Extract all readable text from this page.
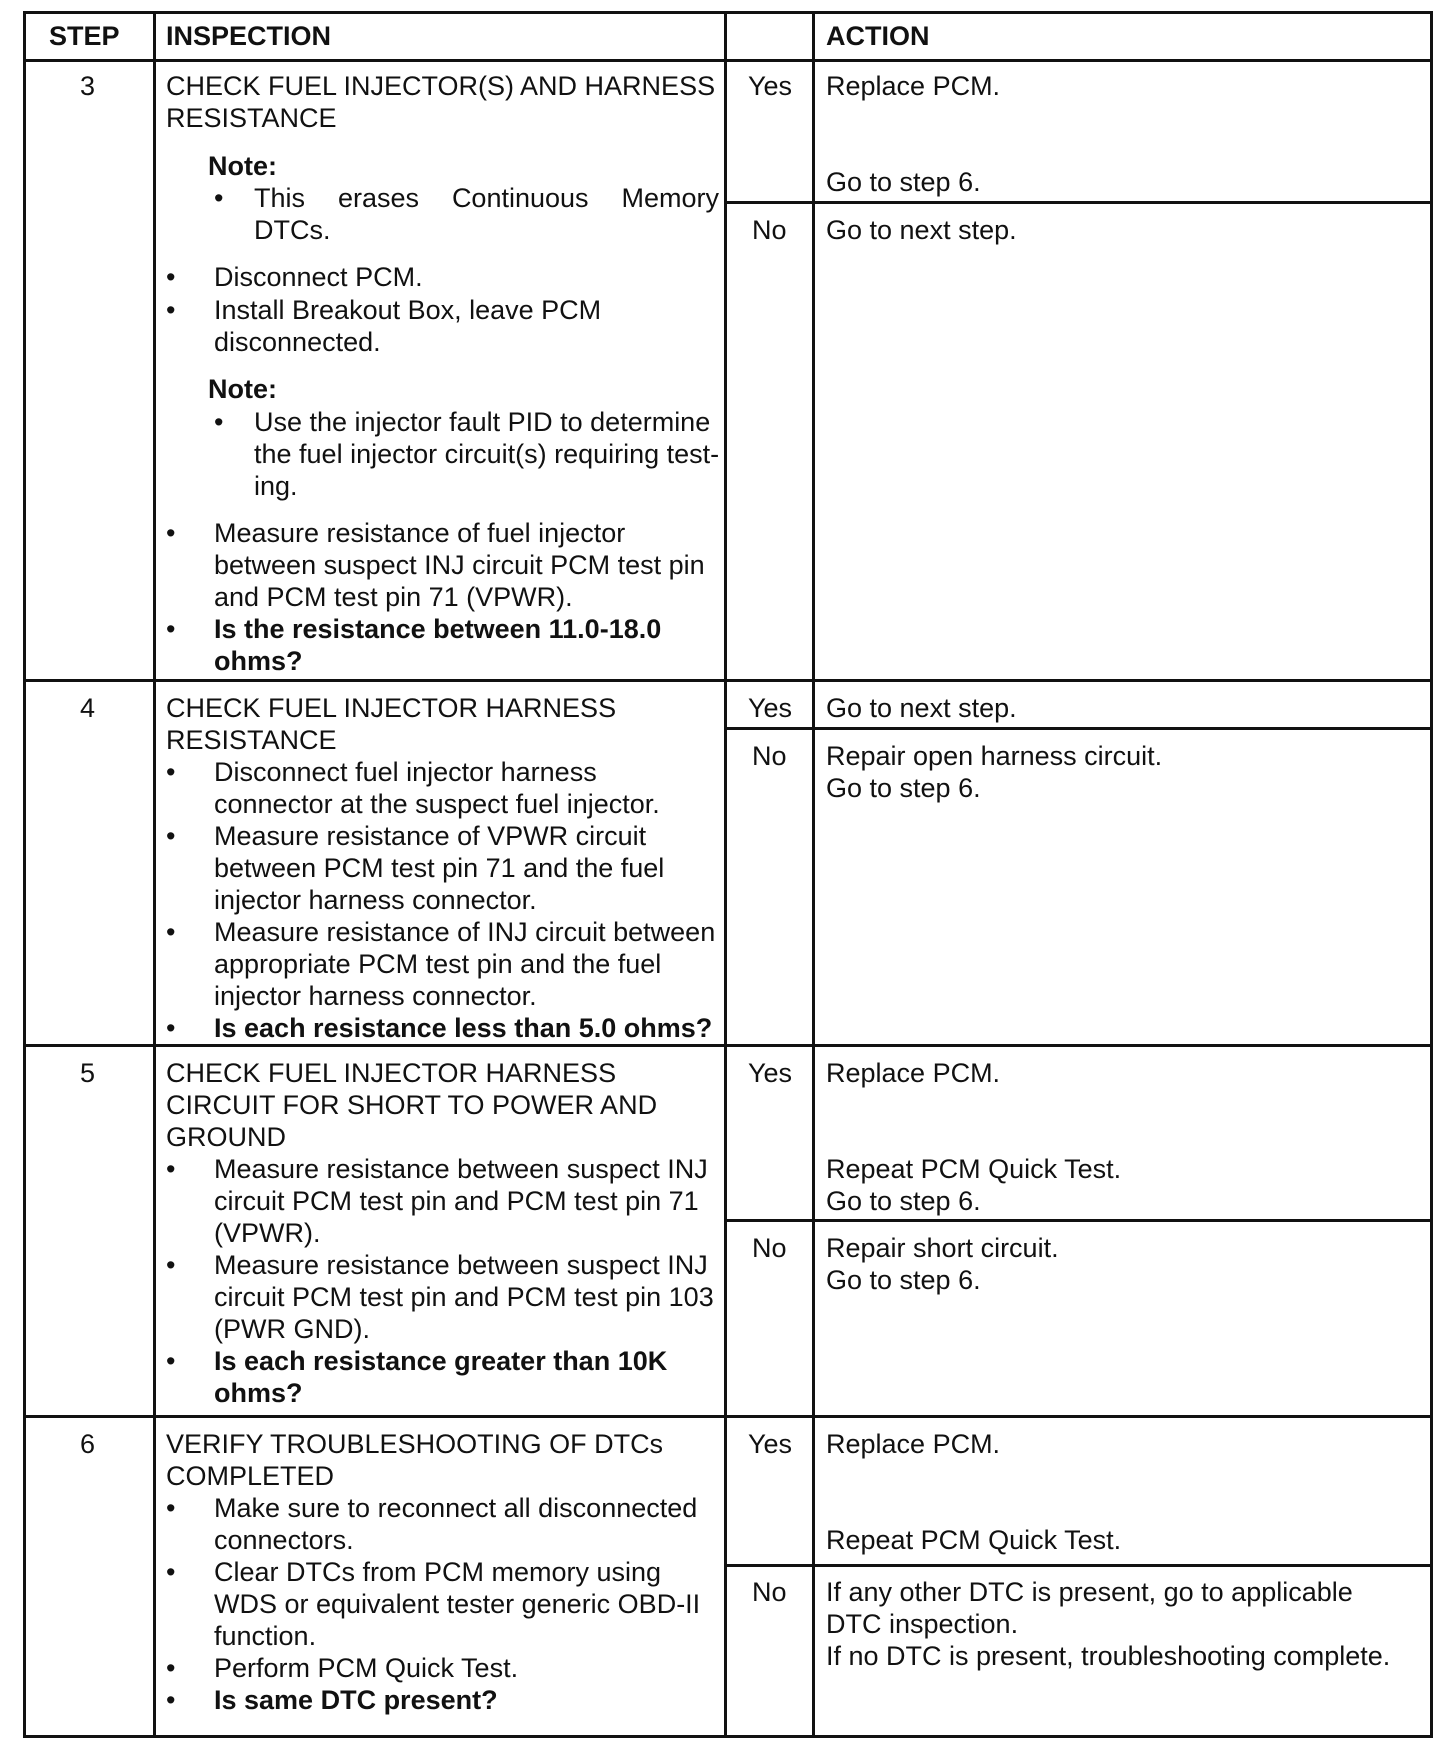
STEP INSPECTION	ACTION
3	CHECK FUEL INJECTOR(S) AND HARNESS
RESISTANCE
Note:
• This erases Continuous Memory
DTCs.
• Disconnect PCM.
• Install Breakout Box, leave PCM
disconnected.
Note:
• Use the injector fault PID to determine
the fuel injector circuit(s) requiring test-
ing.
• Measure resistance of fuel injector
between suspect INJ circuit PCM test pin
and PCM test pin 71 (VPWR).
• Is the resistance between 11.0-18.0
ohms?
Yes Replace PCM.
Go to step 6.
No Go to next step.
4	CHECK FUEL INJECTOR HARNESS
RESISTANCE
• Disconnect fuel injector harness
connector at the suspect fuel injector.
• Measure resistance of VPWR circuit
between PCM test pin 71 and the fuel
injector harness connector.
• Measure resistance of INJ circuit between
appropriate PCM test pin and the fuel
injector harness connector.
• Is each resistance less than 5.0 ohms?
Yes Go to next step.
No Repair open harness circuit.
Go to step 6.
5	CHECK FUEL INJECTOR HARNESS
CIRCUIT FOR SHORT TO POWER AND
GROUND
• Measure resistance between suspect INJ
circuit PCM test pin and PCM test pin 71
(VPWR).
• Measure resistance between suspect INJ
circuit PCM test pin and PCM test pin 103
(PWR GND).
• Is each resistance greater than 10K
ohms?
Yes Replace PCM.
Repeat PCM Quick Test.
Go to step 6.
No Repair short circuit.
Go to step 6.
6	VERIFY TROUBLESHOOTING OF DTCs
COMPLETED
• Make sure to reconnect all disconnected
connectors.
• Clear DTCs from PCM memory using
WDS or equivalent tester generic OBD-II
function.
• Perform PCM Quick Test.
• Is same DTC present?
Yes Replace PCM.
Repeat PCM Quick Test.
No If any other DTC is present, go to applicable
DTC inspection.
If no DTC is present, troubleshooting complete.
